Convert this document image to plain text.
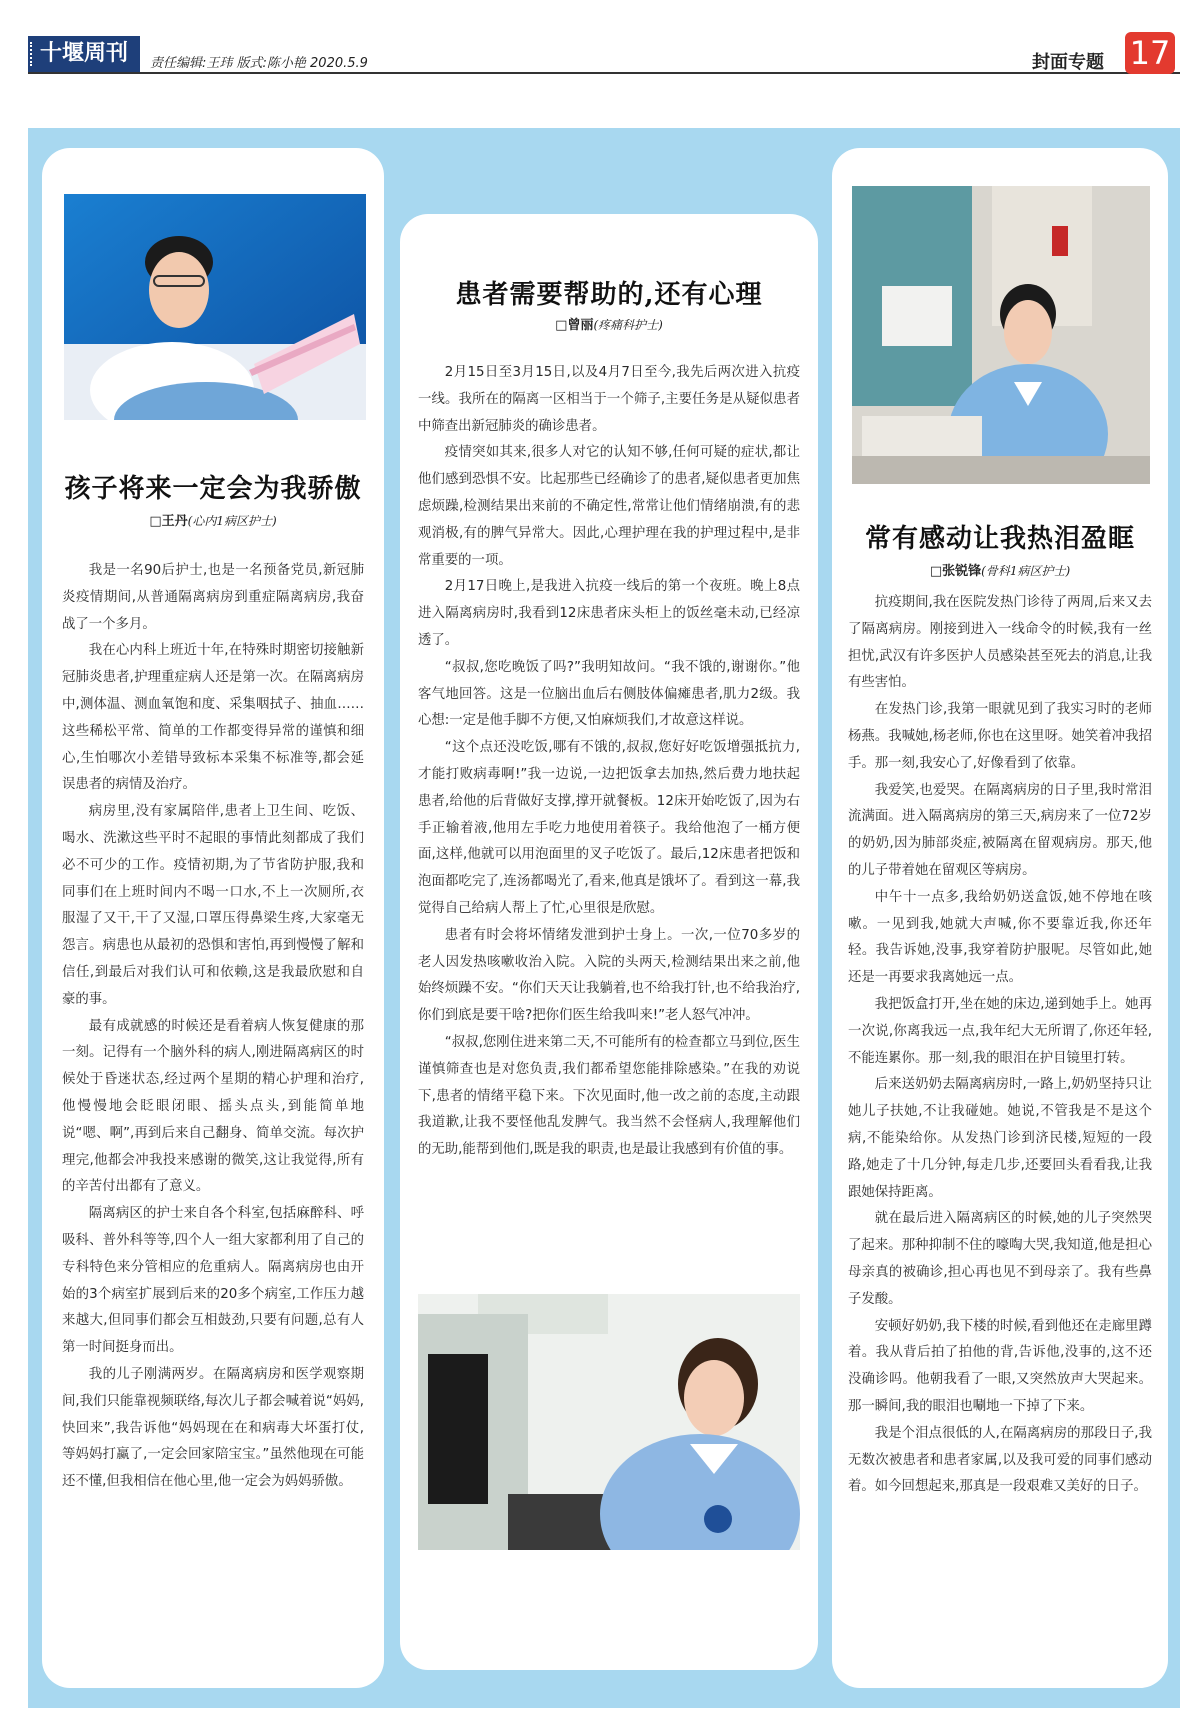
十堰周刊	责任编辑:王玮 版式:陈小艳 2020.5.9	封面专题 17
孩子将来一定会为我骄傲
□王丹(心内1病区护士)

我是一名90后护士,也是一名预备党员,新冠肺炎疫情期间,从普通隔离病房到重症隔离病房,我奋战了一个多月。

我在心内科上班近十年,在特殊时期密切接触新冠肺炎患者,护理重症病人还是第一次。在隔离病房中,测体温、测血氧饱和度、采集咽拭子、抽血……这些稀松平常、简单的工作都变得异常的谨慎和细心,生怕哪次小差错导致标本采集不标准等,都会延误患者的病情及治疗。

病房里,没有家属陪伴,患者上卫生间、吃饭、喝水、洗漱这些平时不起眼的事情此刻都成了我们必不可少的工作。疫情初期,为了节省防护服,我和同事们在上班时间内不喝一口水,不上一次厕所,衣服湿了又干,干了又湿,口罩压得鼻梁生疼,大家毫无怨言。病患也从最初的恐惧和害怕,再到慢慢了解和信任,到最后对我们认可和依赖,这是我最欣慰和自豪的事。

最有成就感的时候还是看着病人恢复健康的那一刻。记得有一个脑外科的病人,刚进隔离病区的时候处于昏迷状态,经过两个星期的精心护理和治疗,他慢慢地会眨眼闭眼、摇头点头,到能简单地说“嗯、啊”,再到后来自己翻身、简单交流。每次护理完,他都会冲我投来感谢的微笑,这让我觉得,所有的辛苦付出都有了意义。

隔离病区的护士来自各个科室,包括麻醉科、呼吸科、普外科等等,四个人一组大家都利用了自己的专科特色来分管相应的危重病人。隔离病房也由开始的3个病室扩展到后来的20多个病室,工作压力越来越大,但同事们都会互相鼓劲,只要有问题,总有人第一时间挺身而出。

我的儿子刚满两岁。在隔离病房和医学观察期间,我们只能靠视频联络,每次儿子都会喊着说“妈妈,快回来”,我告诉他“妈妈现在在和病毒大坏蛋打仗,等妈妈打赢了,一定会回家陪宝宝。”虽然他现在可能还不懂,但我相信在他心里,他一定会为妈妈骄傲。

患者需要帮助的,还有心理
□曾丽(疼痛科护士)

2月15日至3月15日,以及4月7日至今,我先后两次进入抗疫一线。我所在的隔离一区相当于一个筛子,主要任务是从疑似患者中筛查出新冠肺炎的确诊患者。

疫情突如其来,很多人对它的认知不够,任何可疑的症状,都让他们感到恐惧不安。比起那些已经确诊了的患者,疑似患者更加焦虑烦躁,检测结果出来前的不确定性,常常让他们情绪崩溃,有的悲观消极,有的脾气异常大。因此,心理护理在我的护理过程中,是非常重要的一项。

2月17日晚上,是我进入抗疫一线后的第一个夜班。晚上8点进入隔离病房时,我看到12床患者床头柜上的饭丝毫未动,已经凉透了。

“叔叔,您吃晚饭了吗?”我明知故问。“我不饿的,谢谢你。”他客气地回答。这是一位脑出血后右侧肢体偏瘫患者,肌力2级。我心想:一定是他手脚不方便,又怕麻烦我们,才故意这样说。

“这个点还没吃饭,哪有不饿的,叔叔,您好好吃饭增强抵抗力,才能打败病毒啊!”我一边说,一边把饭拿去加热,然后费力地扶起患者,给他的后背做好支撑,撑开就餐板。12床开始吃饭了,因为右手正输着液,他用左手吃力地使用着筷子。我给他泡了一桶方便面,这样,他就可以用泡面里的叉子吃饭了。最后,12床患者把饭和泡面都吃完了,连汤都喝光了,看来,他真是饿坏了。看到这一幕,我觉得自己给病人帮上了忙,心里很是欣慰。

患者有时会将坏情绪发泄到护士身上。一次,一位70多岁的老人因发热咳嗽收治入院。入院的头两天,检测结果出来之前,他始终烦躁不安。“你们天天让我躺着,也不给我打针,也不给我治疗,你们到底是要干啥?把你们医生给我叫来!”老人怒气冲冲。

“叔叔,您刚住进来第二天,不可能所有的检查都立马到位,医生谨慎筛查也是对您负责,我们都希望您能排除感染。”在我的劝说下,患者的情绪平稳下来。下次见面时,他一改之前的态度,主动跟我道歉,让我不要怪他乱发脾气。我当然不会怪病人,我理解他们的无助,能帮到他们,既是我的职责,也是最让我感到有价值的事。

常有感动让我热泪盈眶
□张锐锋(骨科1病区护士)

抗疫期间,我在医院发热门诊待了两周,后来又去了隔离病房。刚接到进入一线命令的时候,我有一丝担忧,武汉有许多医护人员感染甚至死去的消息,让我有些害怕。

在发热门诊,我第一眼就见到了我实习时的老师杨燕。我喊她,杨老师,你也在这里呀。她笑着冲我招手。那一刻,我安心了,好像看到了依靠。

我爱笑,也爱哭。在隔离病房的日子里,我时常泪流满面。进入隔离病房的第三天,病房来了一位72岁的奶奶,因为肺部炎症,被隔离在留观病房。那天,他的儿子带着她在留观区等病房。

中午十一点多,我给奶奶送盒饭,她不停地在咳嗽。一见到我,她就大声喊,你不要靠近我,你还年轻。我告诉她,没事,我穿着防护服呢。尽管如此,她还是一再要求我离她远一点。

我把饭盒打开,坐在她的床边,递到她手上。她再一次说,你离我远一点,我年纪大无所谓了,你还年轻,不能连累你。那一刻,我的眼泪在护目镜里打转。

后来送奶奶去隔离病房时,一路上,奶奶坚持只让她儿子扶她,不让我碰她。她说,不管我是不是这个病,不能染给你。从发热门诊到济民楼,短短的一段路,她走了十几分钟,每走几步,还要回头看看我,让我跟她保持距离。

就在最后进入隔离病区的时候,她的儿子突然哭了起来。那种抑制不住的嚎啕大哭,我知道,他是担心母亲真的被确诊,担心再也见不到母亲了。我有些鼻子发酸。

安顿好奶奶,我下楼的时候,看到他还在走廊里蹲着。我从背后拍了拍他的背,告诉他,没事的,这不还没确诊吗。他朝我看了一眼,又突然放声大哭起来。那一瞬间,我的眼泪也唰地一下掉了下来。

我是个泪点很低的人,在隔离病房的那段日子,我无数次被患者和患者家属,以及我可爱的同事们感动着。如今回想起来,那真是一段艰难又美好的日子。
